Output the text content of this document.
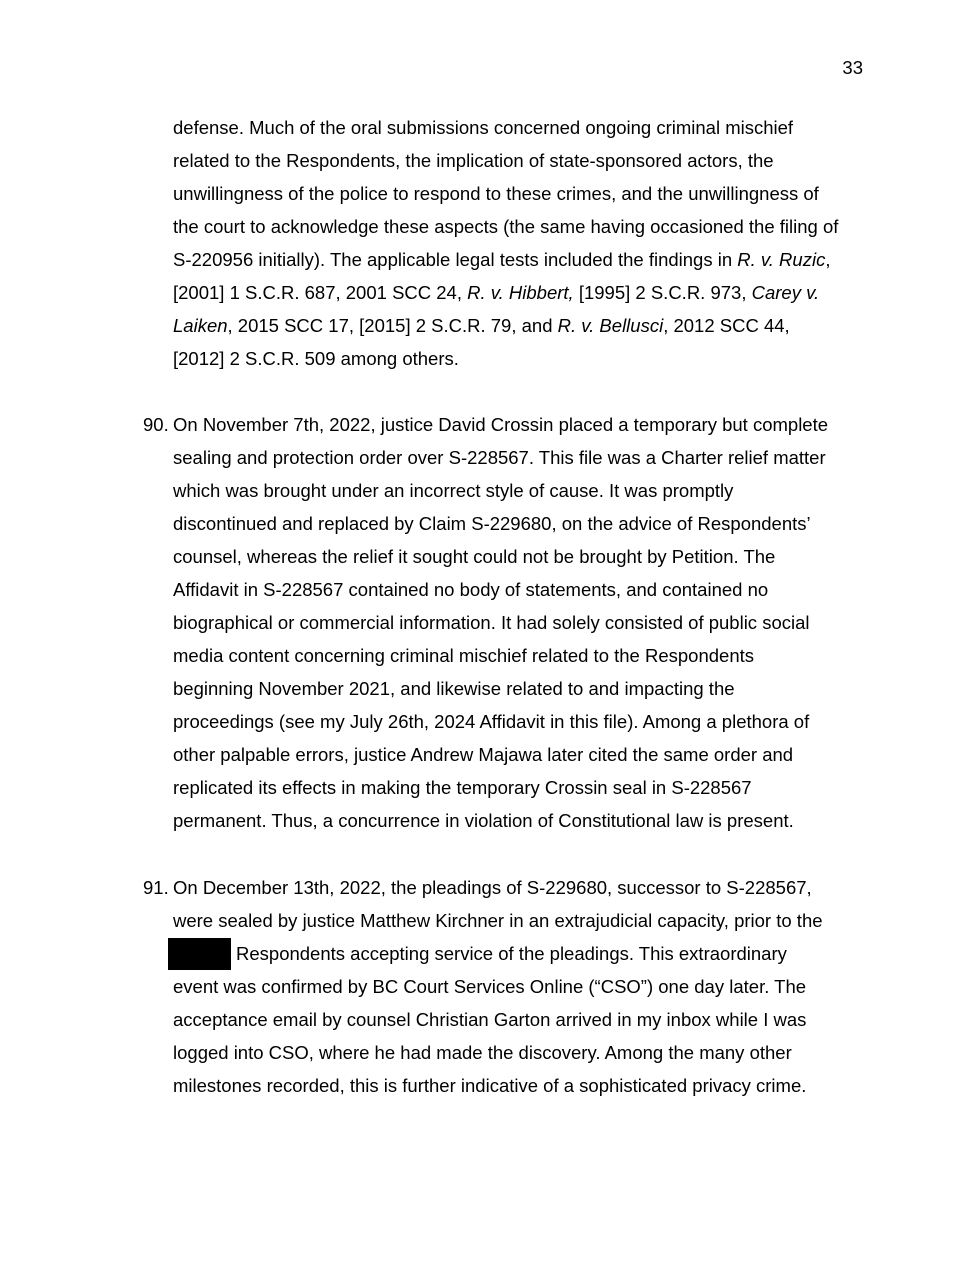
33
defense. Much of the oral submissions concerned ongoing criminal mischief
related to the Respondents, the implication of state-sponsored actors, the
unwillingness of the police to respond to these crimes, and the unwillingness of
the court to acknowledge these aspects (the same having occasioned the filing of
S-220956 initially). The applicable legal tests included the findings in R. v. Ruzic,
[2001] 1 S.C.R. 687, 2001 SCC 24, R. v. Hibbert, [1995] 2 S.C.R. 973, Carey v.
Laiken, 2015 SCC 17, [2015] 2 S.C.R. 79, and R. v. Bellusci, 2012 SCC 44,
[2012] 2 S.C.R. 509 among others.
90. On November 7th, 2022, justice David Crossin placed a temporary but complete
sealing and protection order over S-228567. This file was a Charter relief matter
which was brought under an incorrect style of cause. It was promptly
discontinued and replaced by Claim S-229680, on the advice of Respondents’
counsel, whereas the relief it sought could not be brought by Petition. The
Affidavit in S-228567 contained no body of statements, and contained no
biographical or commercial information. It had solely consisted of public social
media content concerning criminal mischief related to the Respondents
beginning November 2021, and likewise related to and impacting the
proceedings (see my July 26th, 2024 Affidavit in this file). Among a plethora of
other palpable errors, justice Andrew Majawa later cited the same order and
replicated its effects in making the temporary Crossin seal in S-228567
permanent. Thus, a concurrence in violation of Constitutional law is present.
91. On December 13th, 2022, the pleadings of S-229680, successor to S-228567,
were sealed by justice Matthew Kirchner in an extrajudicial capacity, prior to the
Respondents accepting service of the pleadings. This extraordinary
event was confirmed by BC Court Services Online (“CSO”) one day later. The
acceptance email by counsel Christian Garton arrived in my inbox while I was
logged into CSO, where he had made the discovery. Among the many other
milestones recorded, this is further indicative of a sophisticated privacy crime.
